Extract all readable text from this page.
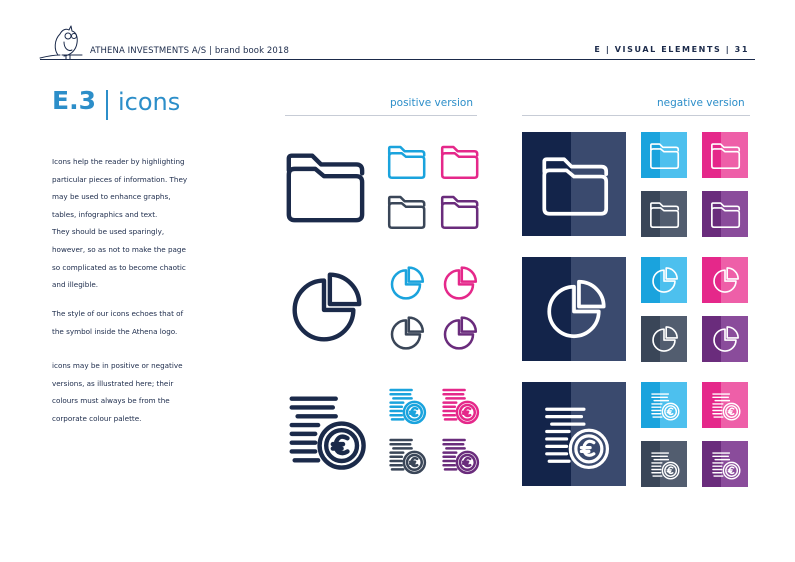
ATHENA INVESTMENTS A/S | brand book 2018	E | VISUAL ELEMENTS | 31
E.3 icons
Icons help the reader by highlighting
particular pieces of information. They
may be used to enhance graphs,
tables, infographics and text.
They should be used sparingly,
however, so as not to make the page
so complicated as to become chaotic
and illegible.
The style of our icons echoes that of
the symbol inside the Athena logo.
icons may be in positive or negative
versions, as illustrated here; their
colours must always be from the
corporate colour palette.
positive version	negative version
